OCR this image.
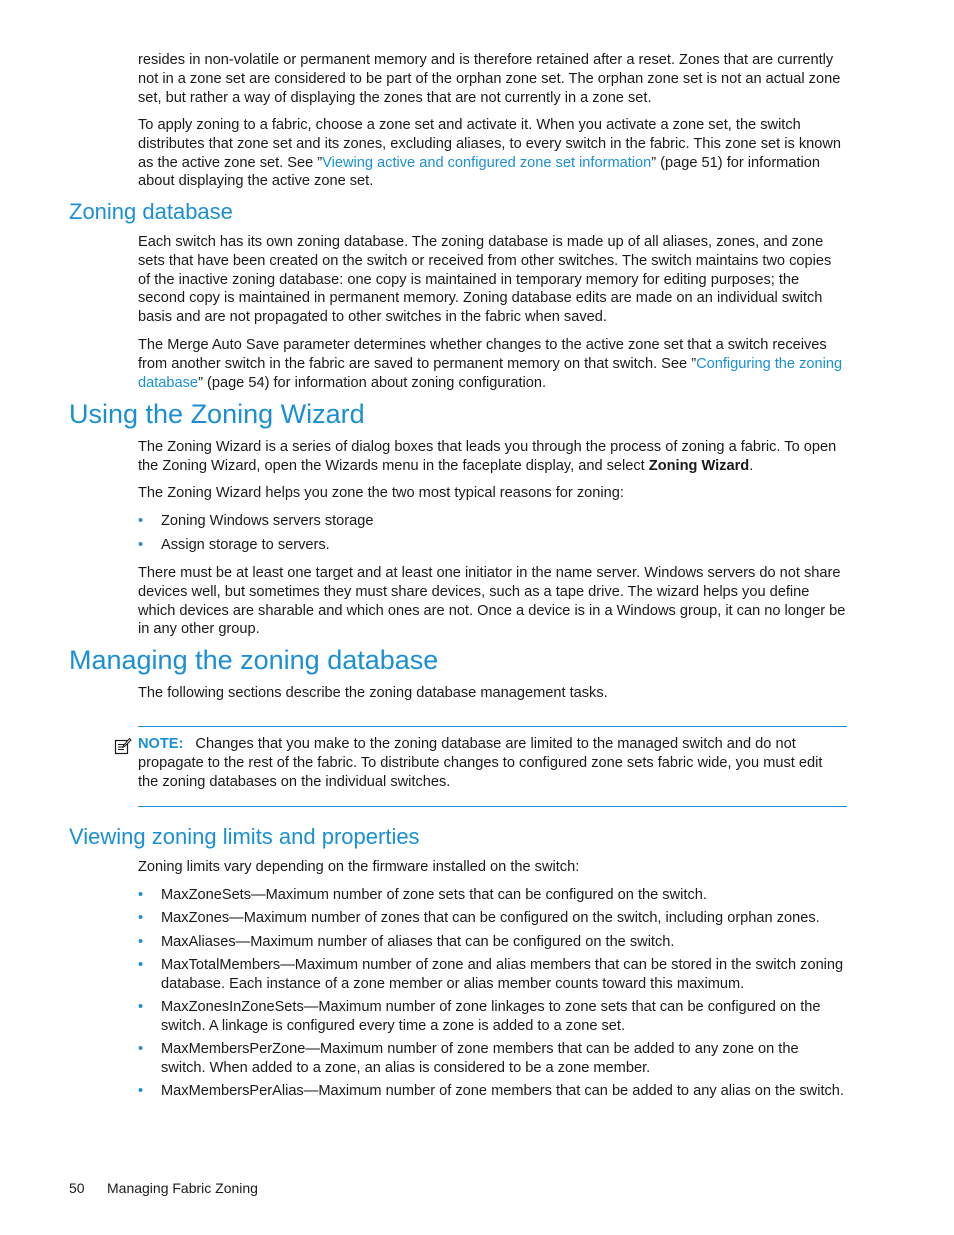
resides in non-volatile or permanent memory and is therefore retained after a reset. Zones that are currently not in a zone set are considered to be part of the orphan zone set. The orphan zone set is not an actual zone set, but rather a way of displaying the zones that are not currently in a zone set.

To apply zoning to a fabric, choose a zone set and activate it. When you activate a zone set, the switch distributes that zone set and its zones, excluding aliases, to every switch in the fabric. This zone set is known as the active zone set. See ”Viewing active and configured zone set information” (page 51) for information about displaying the active zone set.

Zoning database

Each switch has its own zoning database. The zoning database is made up of all aliases, zones, and zone sets that have been created on the switch or received from other switches. The switch maintains two copies of the inactive zoning database: one copy is maintained in temporary memory for editing purposes; the second copy is maintained in permanent memory. Zoning database edits are made on an individual switch basis and are not propagated to other switches in the fabric when saved.

The Merge Auto Save parameter determines whether changes to the active zone set that a switch receives from another switch in the fabric are saved to permanent memory on that switch. See ”Configuring the zoning database” (page 54) for information about zoning configuration.

Using the Zoning Wizard

The Zoning Wizard is a series of dialog boxes that leads you through the process of zoning a fabric. To open the Zoning Wizard, open the Wizards menu in the faceplate display, and select Zoning Wizard.

The Zoning Wizard helps you zone the two most typical reasons for zoning:

• Zoning Windows servers storage
• Assign storage to servers.

There must be at least one target and at least one initiator in the name server. Windows servers do not share devices well, but sometimes they must share devices, such as a tape drive. The wizard helps you define which devices are sharable and which ones are not. Once a device is in a Windows group, it can no longer be in any other group.

Managing the zoning database

The following sections describe the zoning database management tasks.

NOTE: Changes that you make to the zoning database are limited to the managed switch and do not propagate to the rest of the fabric. To distribute changes to configured zone sets fabric wide, you must edit the zoning databases on the individual switches.

Viewing zoning limits and properties

Zoning limits vary depending on the firmware installed on the switch:

• MaxZoneSets—Maximum number of zone sets that can be configured on the switch.
• MaxZones—Maximum number of zones that can be configured on the switch, including orphan zones.
• MaxAliases—Maximum number of aliases that can be configured on the switch.
• MaxTotalMembers—Maximum number of zone and alias members that can be stored in the switch zoning database. Each instance of a zone member or alias member counts toward this maximum.
• MaxZonesInZoneSets—Maximum number of zone linkages to zone sets that can be configured on the switch. A linkage is configured every time a zone is added to a zone set.
• MaxMembersPerZone—Maximum number of zone members that can be added to any zone on the switch. When added to a zone, an alias is considered to be a zone member.
• MaxMembersPerAlias—Maximum number of zone members that can be added to any alias on the switch.
50 Managing Fabric Zoning
